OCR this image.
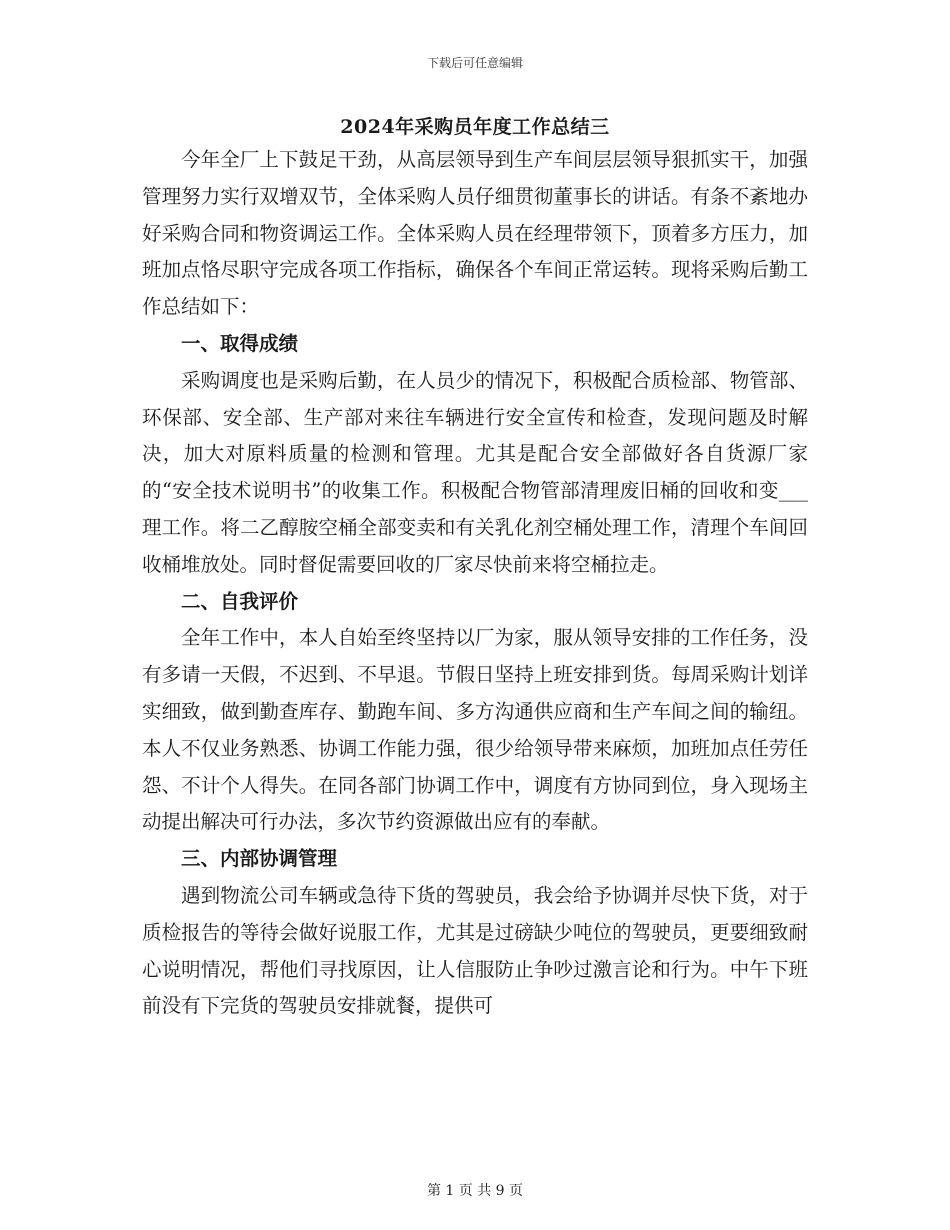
下载后可任意编辑
2024年采购员年度工作总结三

今年全厂上下鼓足干劲，从高层领导到生产车间层层领导狠抓实干，加强管理努力实行双增双节，全体采购人员仔细贯彻董事长的讲话。有条不紊地办好采购合同和物资调运工作。全体采购人员在经理带领下，顶着多方压力，加班加点恪尽职守完成各项工作指标，确保各个车间正常运转。现将采购后勤工作总结如下：

一、取得成绩

采购调度也是采购后勤，在人员少的情况下，积极配合质检部、物管部、环保部、安全部、生产部对来往车辆进行安全宣传和检查，发现问题及时解决，加大对原料质量的检测和管理。尤其是配合安全部做好各自货源厂家的“安全技术说明书”的收集工作。积极配合物管部清理废旧桶的回收和变___理工作。将二乙醇胺空桶全部变卖和有关乳化剂空桶处理工作，清理个车间回收桶堆放处。同时督促需要回收的厂家尽快前来将空桶拉走。

二、自我评价

全年工作中，本人自始至终坚持以厂为家，服从领导安排的工作任务，没有多请一天假，不迟到、不早退。节假日坚持上班安排到货。每周采购计划详实细致，做到勤查库存、勤跑车间、多方沟通供应商和生产车间之间的输纽。本人不仅业务熟悉、协调工作能力强，很少给领导带来麻烦，加班加点任劳任怨、不计个人得失。在同各部门协调工作中，调度有方协同到位，身入现场主动提出解决可行办法，多次节约资源做出应有的奉献。

三、内部协调管理

遇到物流公司车辆或急待下货的驾驶员，我会给予协调并尽快下货，对于质检报告的等待会做好说服工作，尤其是过磅缺少吨位的驾驶员，更要细致耐心说明情况，帮他们寻找原因，让人信服防止争吵过激言论和行为。中午下班前没有下完货的驾驶员安排就餐，提供可

第 1 页 共 9 页
